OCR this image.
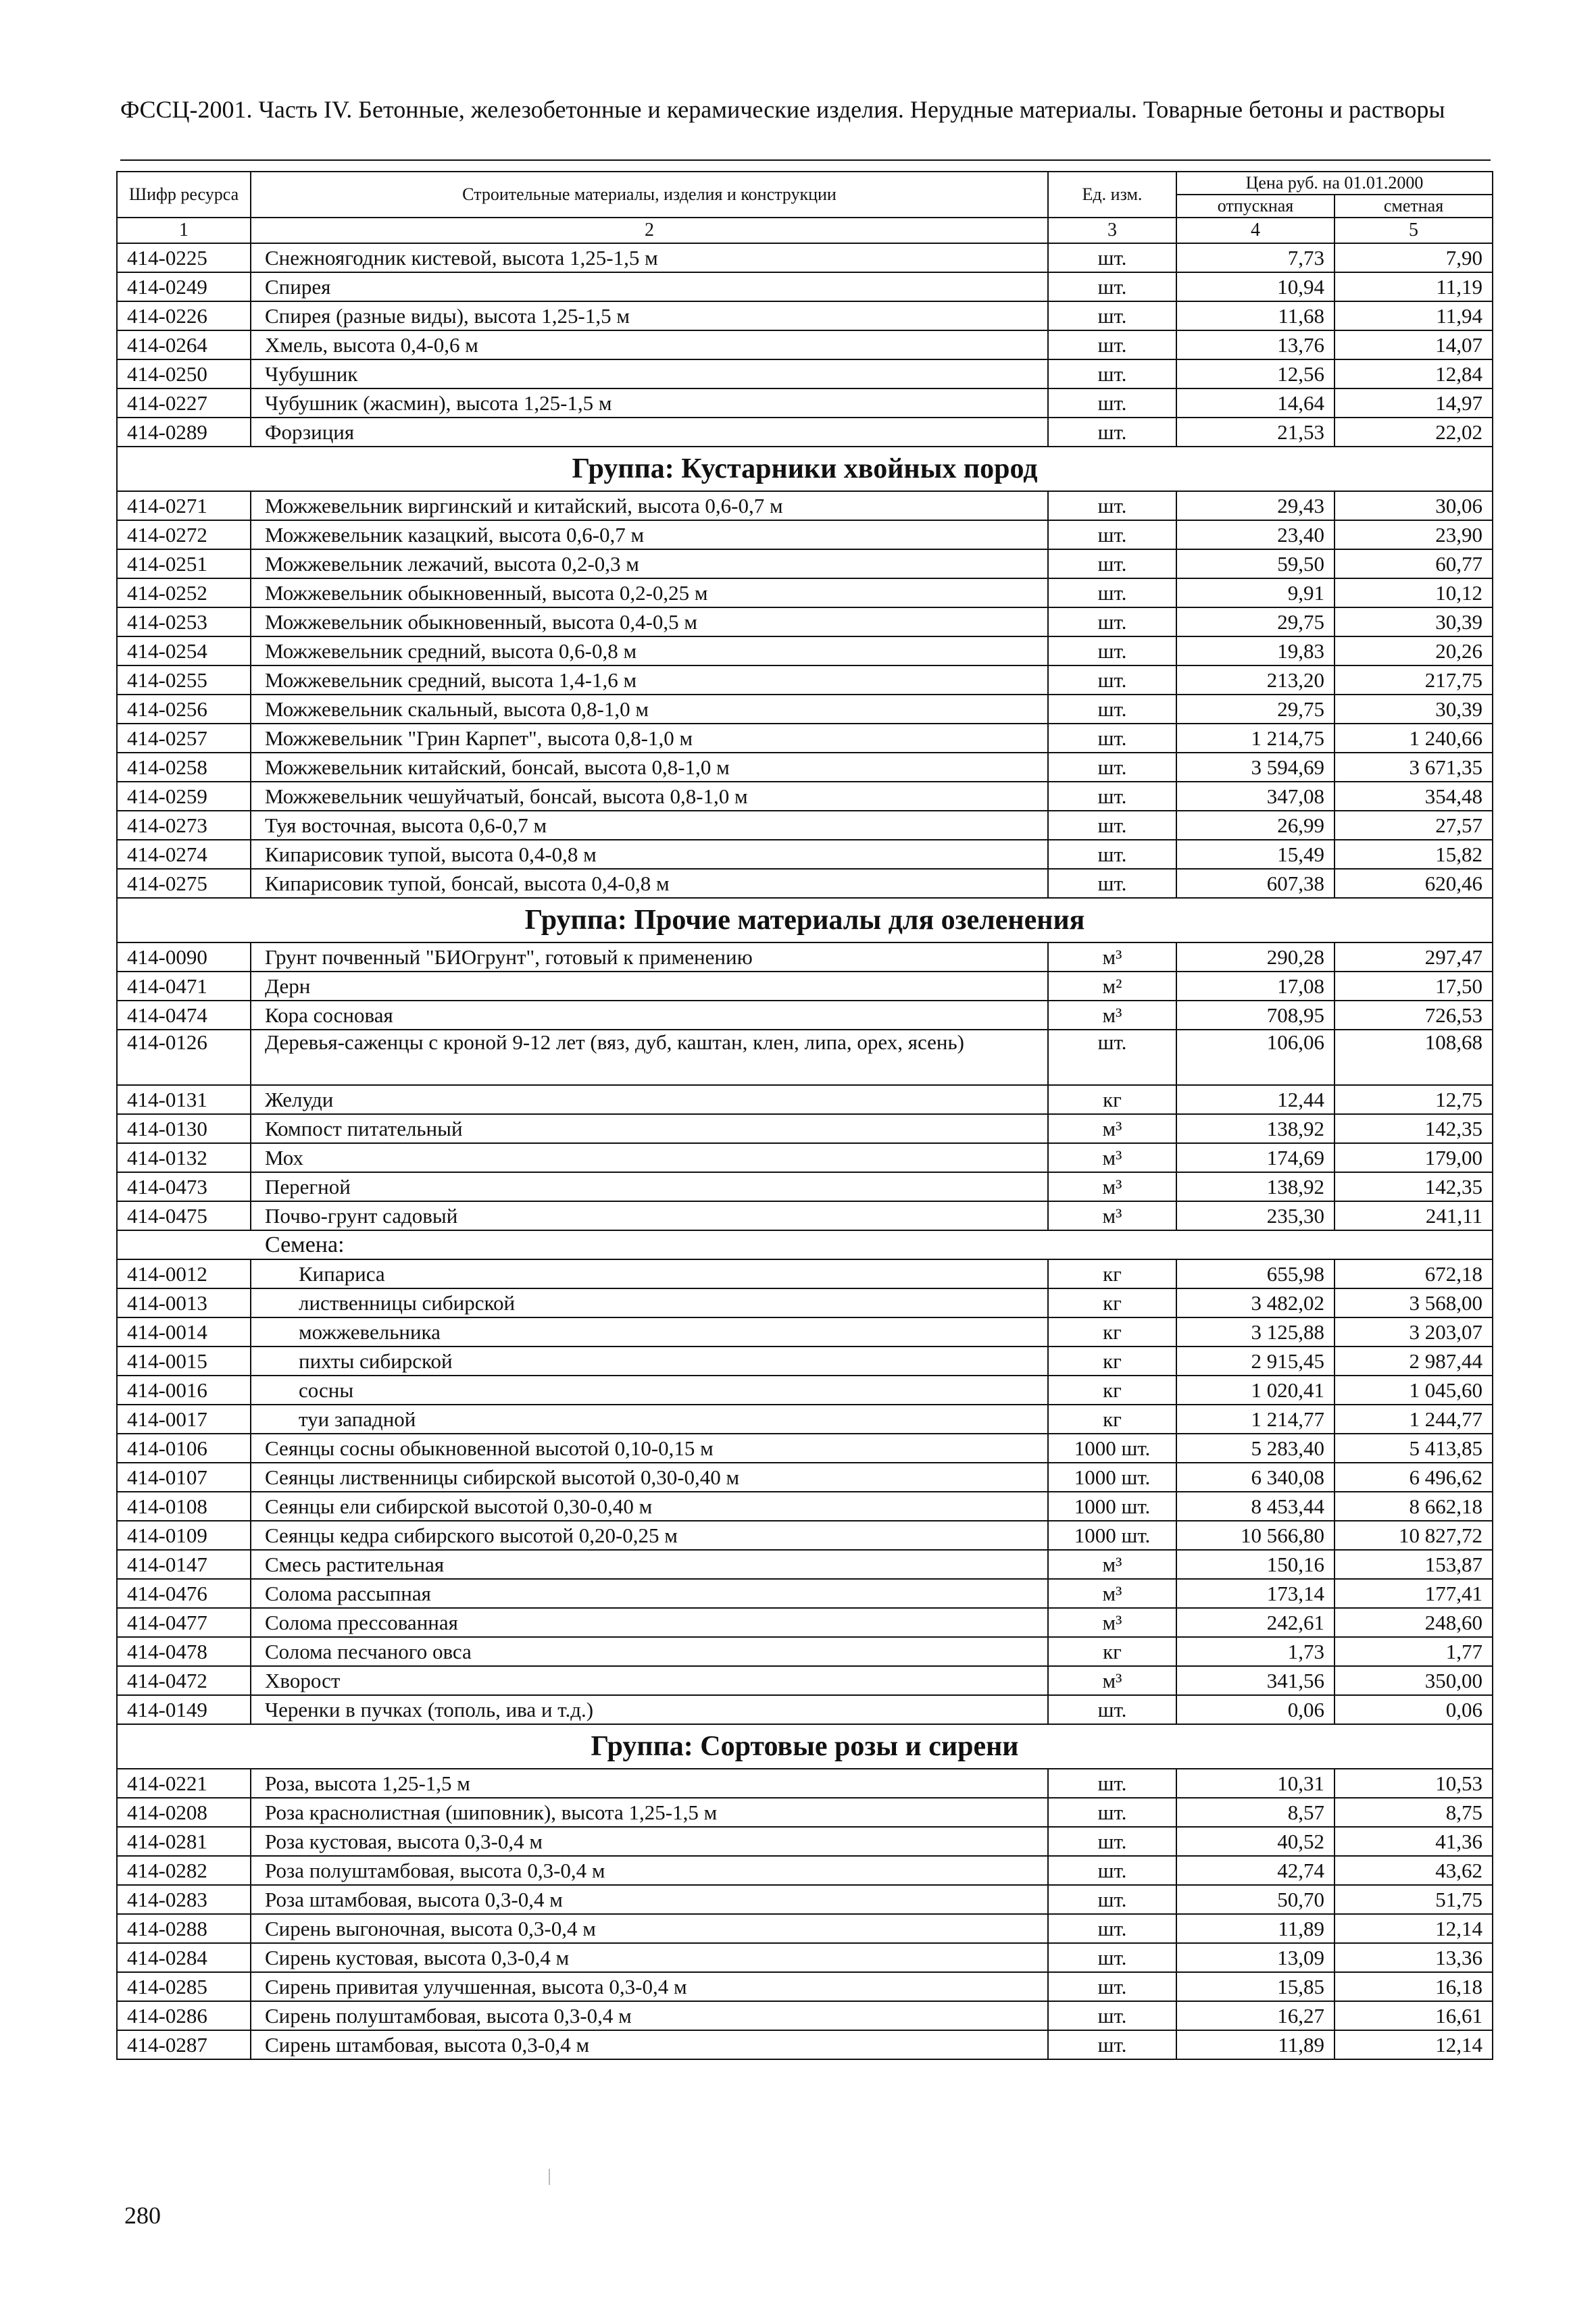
ФССЦ-2001. Часть IV. Бетонные, железобетонные и керамические изделия. Нерудные материалы. Товарные бетоны и растворы
Шифр ресурса	Строительные материалы, изделия и конструкции	Ед. изм.	Цена руб. на 01.01.2000	
			отпускная	сметная
1	2	3	4	5
414-0225	Снежноягодник кистевой, высота 1,25-1,5 м	шт.	7,73	7,90
414-0249	Спирея	шт.	10,94	11,19
414-0226	Спирея (разные виды), высота 1,25-1,5 м	шт.	11,68	11,94
414-0264	Хмель, высота 0,4-0,6 м	шт.	13,76	14,07
414-0250	Чубушник	шт.	12,56	12,84
414-0227	Чубушник (жасмин), высота 1,25-1,5 м	шт.	14,64	14,97
414-0289	Форзиция	шт.	21,53	22,02
Группа: Кустарники хвойных пород				
414-0271	Можжевельник виргинский и китайский, высота 0,6-0,7 м	шт.	29,43	30,06
414-0272	Можжевельник казацкий, высота 0,6-0,7 м	шт.	23,40	23,90
414-0251	Можжевельник лежачий, высота 0,2-0,3 м	шт.	59,50	60,77
414-0252	Можжевельник обыкновенный, высота 0,2-0,25 м	шт.	9,91	10,12
414-0253	Можжевельник обыкновенный, высота 0,4-0,5 м	шт.	29,75	30,39
414-0254	Можжевельник средний, высота 0,6-0,8 м	шт.	19,83	20,26
414-0255	Можжевельник средний, высота 1,4-1,6 м	шт.	213,20	217,75
414-0256	Можжевельник скальный, высота 0,8-1,0 м	шт.	29,75	30,39
414-0257	Можжевельник "Грин Карпет", высота 0,8-1,0 м	шт.	1 214,75	1 240,66
414-0258	Можжевельник китайский, бонсай, высота 0,8-1,0 м	шт.	3 594,69	3 671,35
414-0259	Можжевельник чешуйчатый, бонсай, высота 0,8-1,0 м	шт.	347,08	354,48
414-0273	Туя восточная, высота 0,6-0,7 м	шт.	26,99	27,57
414-0274	Кипарисовик тупой, высота 0,4-0,8 м	шт.	15,49	15,82
414-0275	Кипарисовик тупой, бонсай, высота 0,4-0,8 м	шт.	607,38	620,46
Группа: Прочие материалы для озеленения				
414-0090	Грунт почвенный "БИОгрунт", готовый к применению	м³	290,28	297,47
414-0471	Дерн	м²	17,08	17,50
414-0474	Кора сосновая	м³	708,95	726,53
414-0126	Деревья-саженцы с кроной 9-12 лет (вяз, дуб, каштан, клен, липа, орех, ясень)	шт.	106,06	108,68
414-0131	Желуди	кг	12,44	12,75
414-0130	Компост питательный	м³	138,92	142,35
414-0132	Мох	м³	174,69	179,00
414-0473	Перегной	м³	138,92	142,35
414-0475	Почво-грунт садовый	м³	235,30	241,11
Семена:				
414-0012	Кипариса	кг	655,98	672,18
414-0013	лиственницы сибирской	кг	3 482,02	3 568,00
414-0014	можжевельника	кг	3 125,88	3 203,07
414-0015	пихты сибирской	кг	2 915,45	2 987,44
414-0016	сосны	кг	1 020,41	1 045,60
414-0017	туи западной	кг	1 214,77	1 244,77
414-0106	Сеянцы сосны обыкновенной высотой 0,10-0,15 м	1000 шт.	5 283,40	5 413,85
414-0107	Сеянцы лиственницы сибирской высотой 0,30-0,40 м	1000 шт.	6 340,08	6 496,62
414-0108	Сеянцы ели сибирской высотой 0,30-0,40 м	1000 шт.	8 453,44	8 662,18
414-0109	Сеянцы кедра сибирского высотой 0,20-0,25 м	1000 шт.	10 566,80	10 827,72
414-0147	Смесь растительная	м³	150,16	153,87
414-0476	Солома рассыпная	м³	173,14	177,41
414-0477	Солома прессованная	м³	242,61	248,60
414-0478	Солома песчаного овса	кг	1,73	1,77
414-0472	Хворост	м³	341,56	350,00
414-0149	Черенки в пучках (тополь, ива и т.д.)	шт.	0,06	0,06
Группа: Сортовые розы и сирени				
414-0221	Роза, высота 1,25-1,5 м	шт.	10,31	10,53
414-0208	Роза краснолистная (шиповник), высота 1,25-1,5 м	шт.	8,57	8,75
414-0281	Роза кустовая, высота 0,3-0,4 м	шт.	40,52	41,36
414-0282	Роза полуштамбовая, высота 0,3-0,4 м	шт.	42,74	43,62
414-0283	Роза штамбовая, высота 0,3-0,4 м	шт.	50,70	51,75
414-0288	Сирень выгоночная, высота 0,3-0,4 м	шт.	11,89	12,14
414-0284	Сирень кустовая, высота 0,3-0,4 м	шт.	13,09	13,36
414-0285	Сирень привитая улучшенная, высота 0,3-0,4 м	шт.	15,85	16,18
414-0286	Сирень полуштамбовая, высота 0,3-0,4 м	шт.	16,27	16,61
414-0287	Сирень штамбовая, высота 0,3-0,4 м	шт.	11,89	12,14
280
